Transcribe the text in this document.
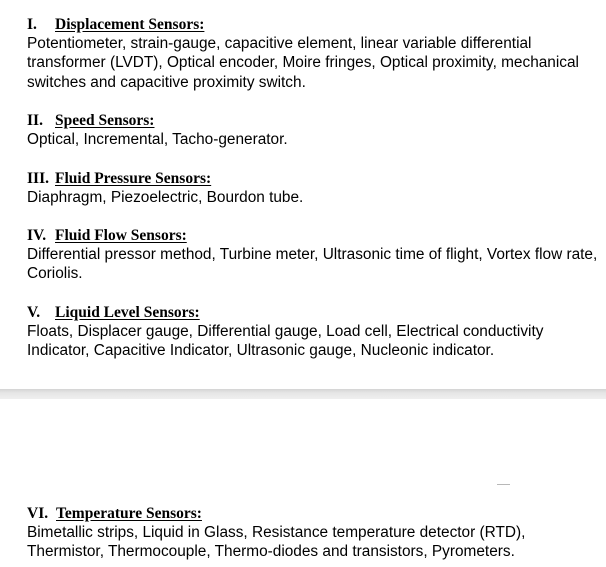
I. Displacement Sensors:
Potentiometer, strain-gauge, capacitive element, linear variable differential transformer (LVDT), Optical encoder, Moire fringes, Optical proximity, mechanical switches and capacitive proximity switch.
II. Speed Sensors:
Optical, Incremental, Tacho-generator.
III. Fluid Pressure Sensors:
Diaphragm, Piezoelectric, Bourdon tube.
IV. Fluid Flow Sensors:
Differential pressor method, Turbine meter, Ultrasonic time of flight, Vortex flow rate, Coriolis.
V. Liquid Level Sensors:
Floats, Displacer gauge, Differential gauge, Load cell, Electrical conductivity Indicator, Capacitive Indicator, Ultrasonic gauge, Nucleonic indicator.
VI. Temperature Sensors:
Bimetallic strips, Liquid in Glass, Resistance temperature detector (RTD), Thermistor, Thermocouple, Thermo-diodes and transistors, Pyrometers.
